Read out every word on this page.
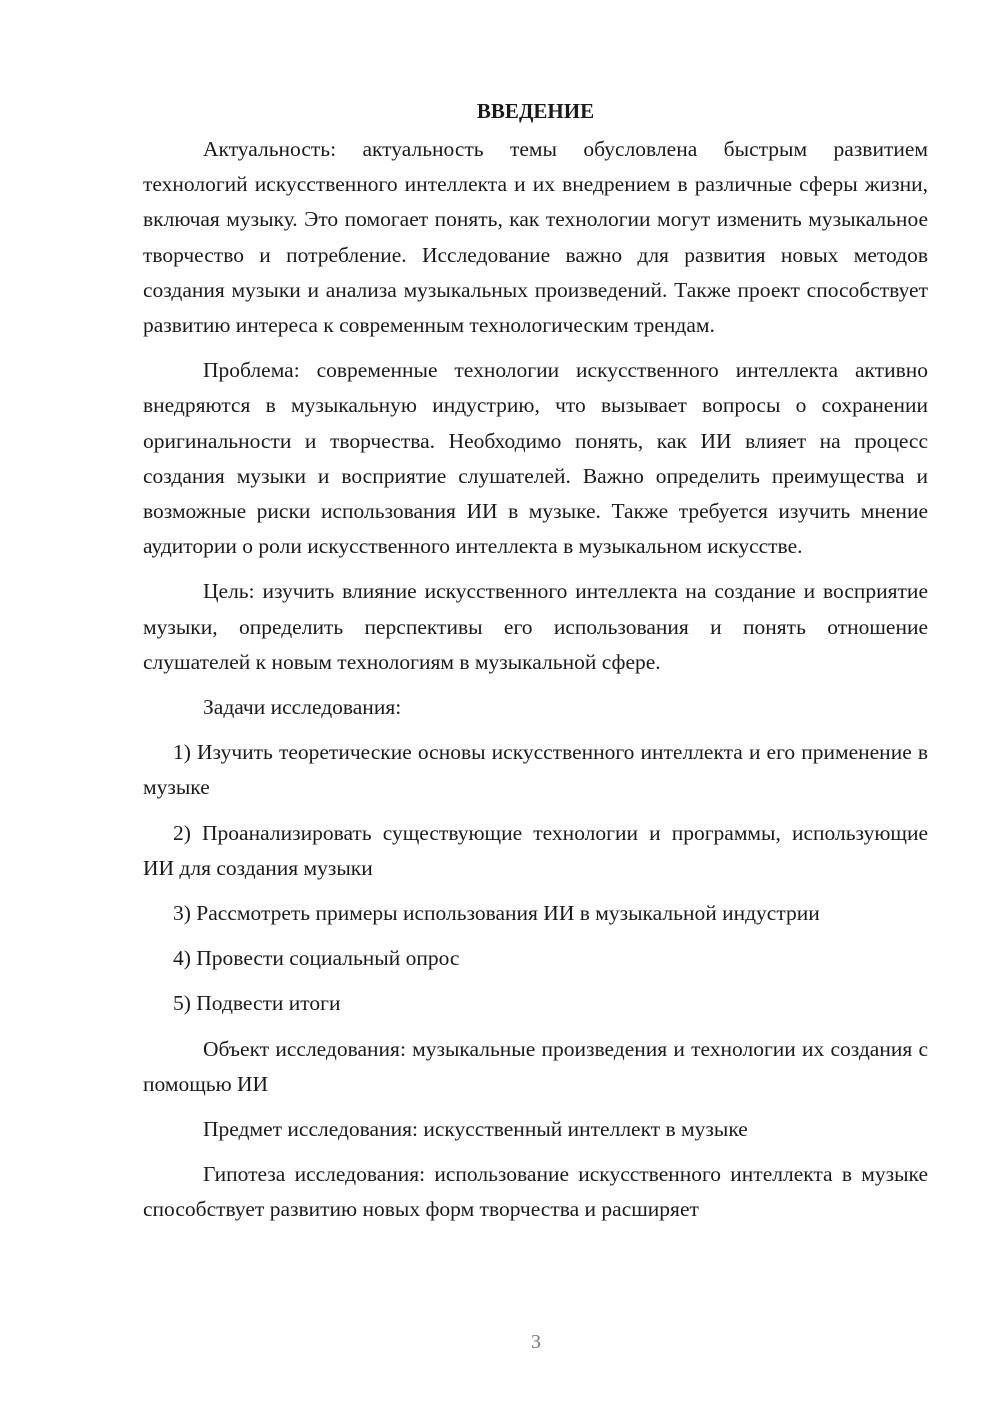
ВВЕДЕНИЕ

Актуальность: актуальность темы обусловлена быстрым развитием технологий искусственного интеллекта и их внедрением в различные сферы жизни, включая музыку. Это помогает понять, как технологии могут изменить музыкальное творчество и потребление. Исследование важно для развития новых методов создания музыки и анализа музыкальных произведений. Также проект способствует развитию интереса к современным технологическим трендам.

Проблема: современные технологии искусственного интеллекта активно внедряются в музыкальную индустрию, что вызывает вопросы о сохранении оригинальности и творчества. Необходимо понять, как ИИ влияет на процесс создания музыки и восприятие слушателей. Важно определить преимущества и возможные риски использования ИИ в музыке. Также требуется изучить мнение аудитории о роли искусственного интеллекта в музыкальном искусстве.

Цель: изучить влияние искусственного интеллекта на создание и восприятие музыки, определить перспективы его использования и понять отношение слушателей к новым технологиям в музыкальной сфере.

Задачи исследования:

1) Изучить теоретические основы искусственного интеллекта и его применение в музыке

2) Проанализировать существующие технологии и программы, использующие ИИ для создания музыки

3) Рассмотреть примеры использования ИИ в музыкальной индустрии

4) Провести социальный опрос

5) Подвести итоги

Объект исследования: музыкальные произведения и технологии их создания с помощью ИИ

Предмет исследования: искусственный интеллект в музыке

Гипотеза исследования: использование искусственного интеллекта в музыке способствует развитию новых форм творчества и расширяет

3
